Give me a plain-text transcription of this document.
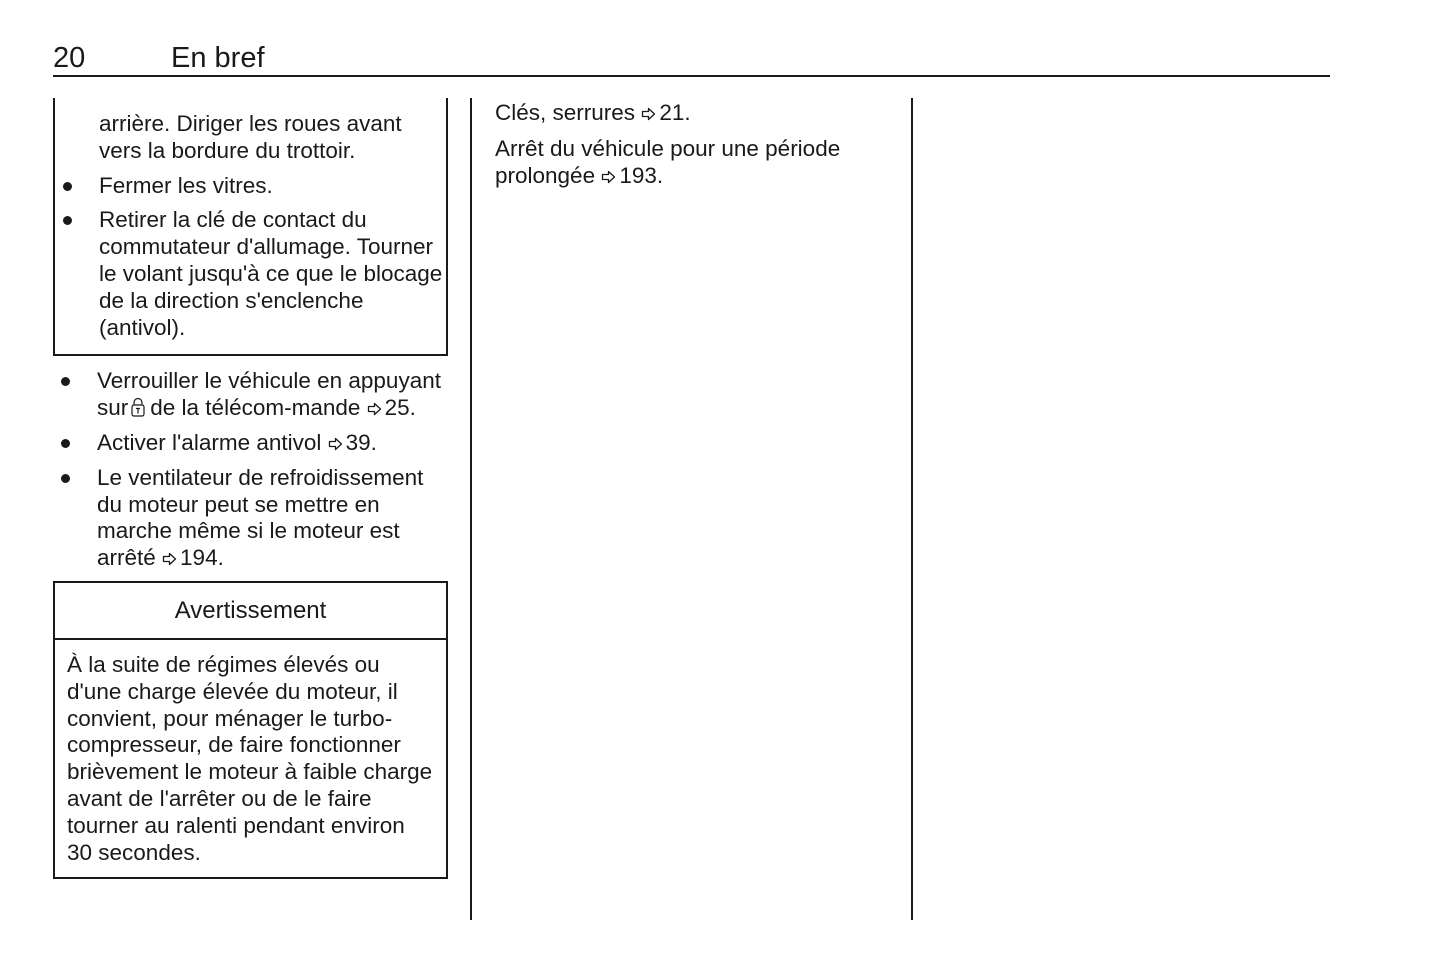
20	En bref
arrière. Diriger les roues avant vers la bordure du trottoir.
Fermer les vitres.
Retirer la clé de contact du commutateur d'allumage. Tourner le volant jusqu'à ce que le blocage de la direction s'enclenche (antivol).
Verrouiller le véhicule en appuyant sur de la télécom-mande 25.
Activer l'alarme antivol 39.
Le ventilateur de refroidissement du moteur peut se mettre en marche même si le moteur est arrêté 194.
Avertissement
À la suite de régimes élevés ou d'une charge élevée du moteur, il convient, pour ménager le turbo-compresseur, de faire fonctionner brièvement le moteur à faible charge avant de l'arrêter ou de le faire tourner au ralenti pendant environ 30 secondes.

Clés, serrures 21.

Arrêt du véhicule pour une période prolongée 193.
